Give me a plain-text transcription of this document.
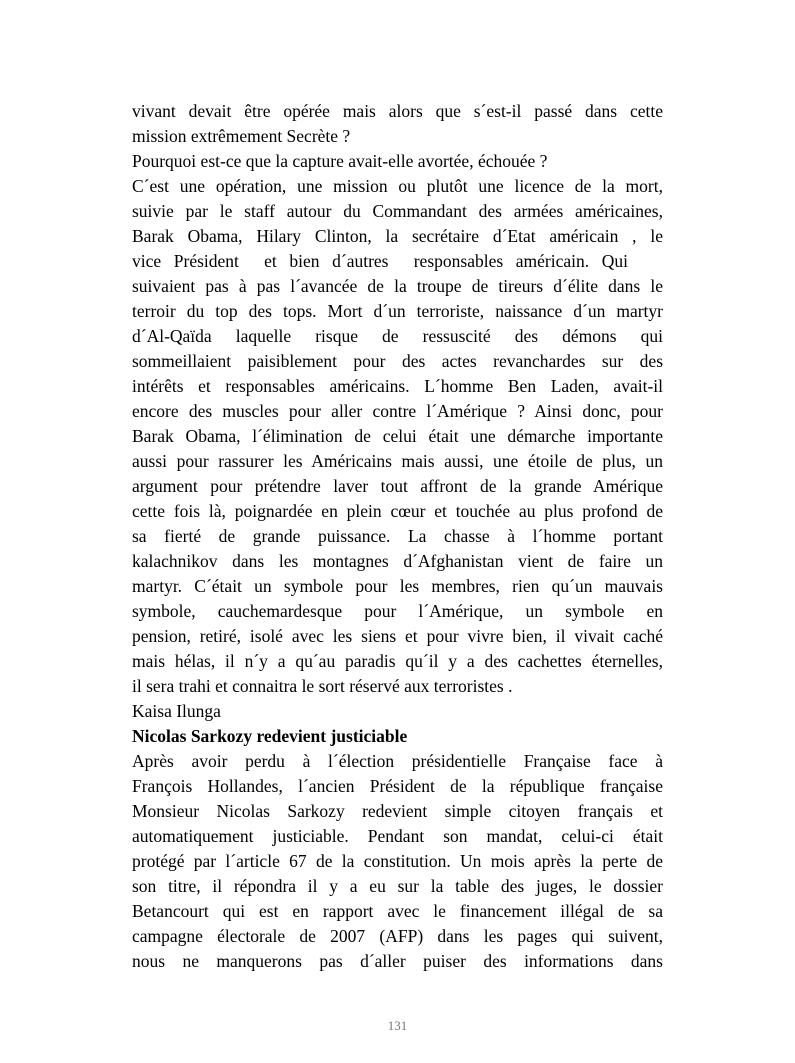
vivant devait être opérée mais alors que s´est-il passé dans cette
mission extrêmement Secrète ?
Pourquoi est-ce que la capture avait-elle avortée, échouée ?
C´est une opération, une mission ou plutôt une licence de la mort,
suivie par le staff autour du Commandant des armées américaines,
Barak Obama, Hilary Clinton, la secrétaire d´Etat américain , le
vice Président  et bien d´autres  responsables américain. Qui
suivaient pas à pas l´avancée de la troupe de tireurs d´élite dans le
terroir du top des tops. Mort d´un terroriste, naissance d´un martyr
d´Al-Qaïda laquelle risque de ressuscité des démons qui
sommeillaient paisiblement pour des actes revanchardes sur des
intérêts et responsables américains. L´homme Ben Laden, avait-il
encore des muscles pour aller contre l´Amérique ? Ainsi donc, pour
Barak Obama, l´élimination de celui était une démarche importante
aussi pour rassurer les Américains mais aussi, une étoile de plus, un
argument pour prétendre laver tout affront de la grande Amérique
cette fois là, poignardée en plein cœur et touchée au plus profond de
sa fierté de grande puissance. La chasse à l´homme portant
kalachnikov dans les montagnes d´Afghanistan vient de faire un
martyr. C´était un symbole pour les membres, rien qu´un mauvais
symbole, cauchemardesque pour l´Amérique, un symbole en
pension, retiré, isolé avec les siens et pour vivre bien, il vivait caché
mais hélas, il n´y a qu´au paradis qu´il y a des cachettes éternelles,
il sera trahi et connaitra le sort réservé aux terroristes .
Kaisa Ilunga
Nicolas Sarkozy redevient justiciable
Après avoir perdu à l´élection présidentielle Française face à
François Hollandes, l´ancien Président de la république française
Monsieur Nicolas Sarkozy redevient simple citoyen français et
automatiquement justiciable. Pendant son mandat, celui-ci était
protégé par l´article 67 de la constitution. Un mois après la perte de
son titre, il répondra il y a eu sur la table des juges, le dossier
Betancourt qui est en rapport avec le financement illégal de sa
campagne électorale de 2007 (AFP) dans les pages qui suivent,
nous ne manquerons pas d´aller puiser des informations dans
131
